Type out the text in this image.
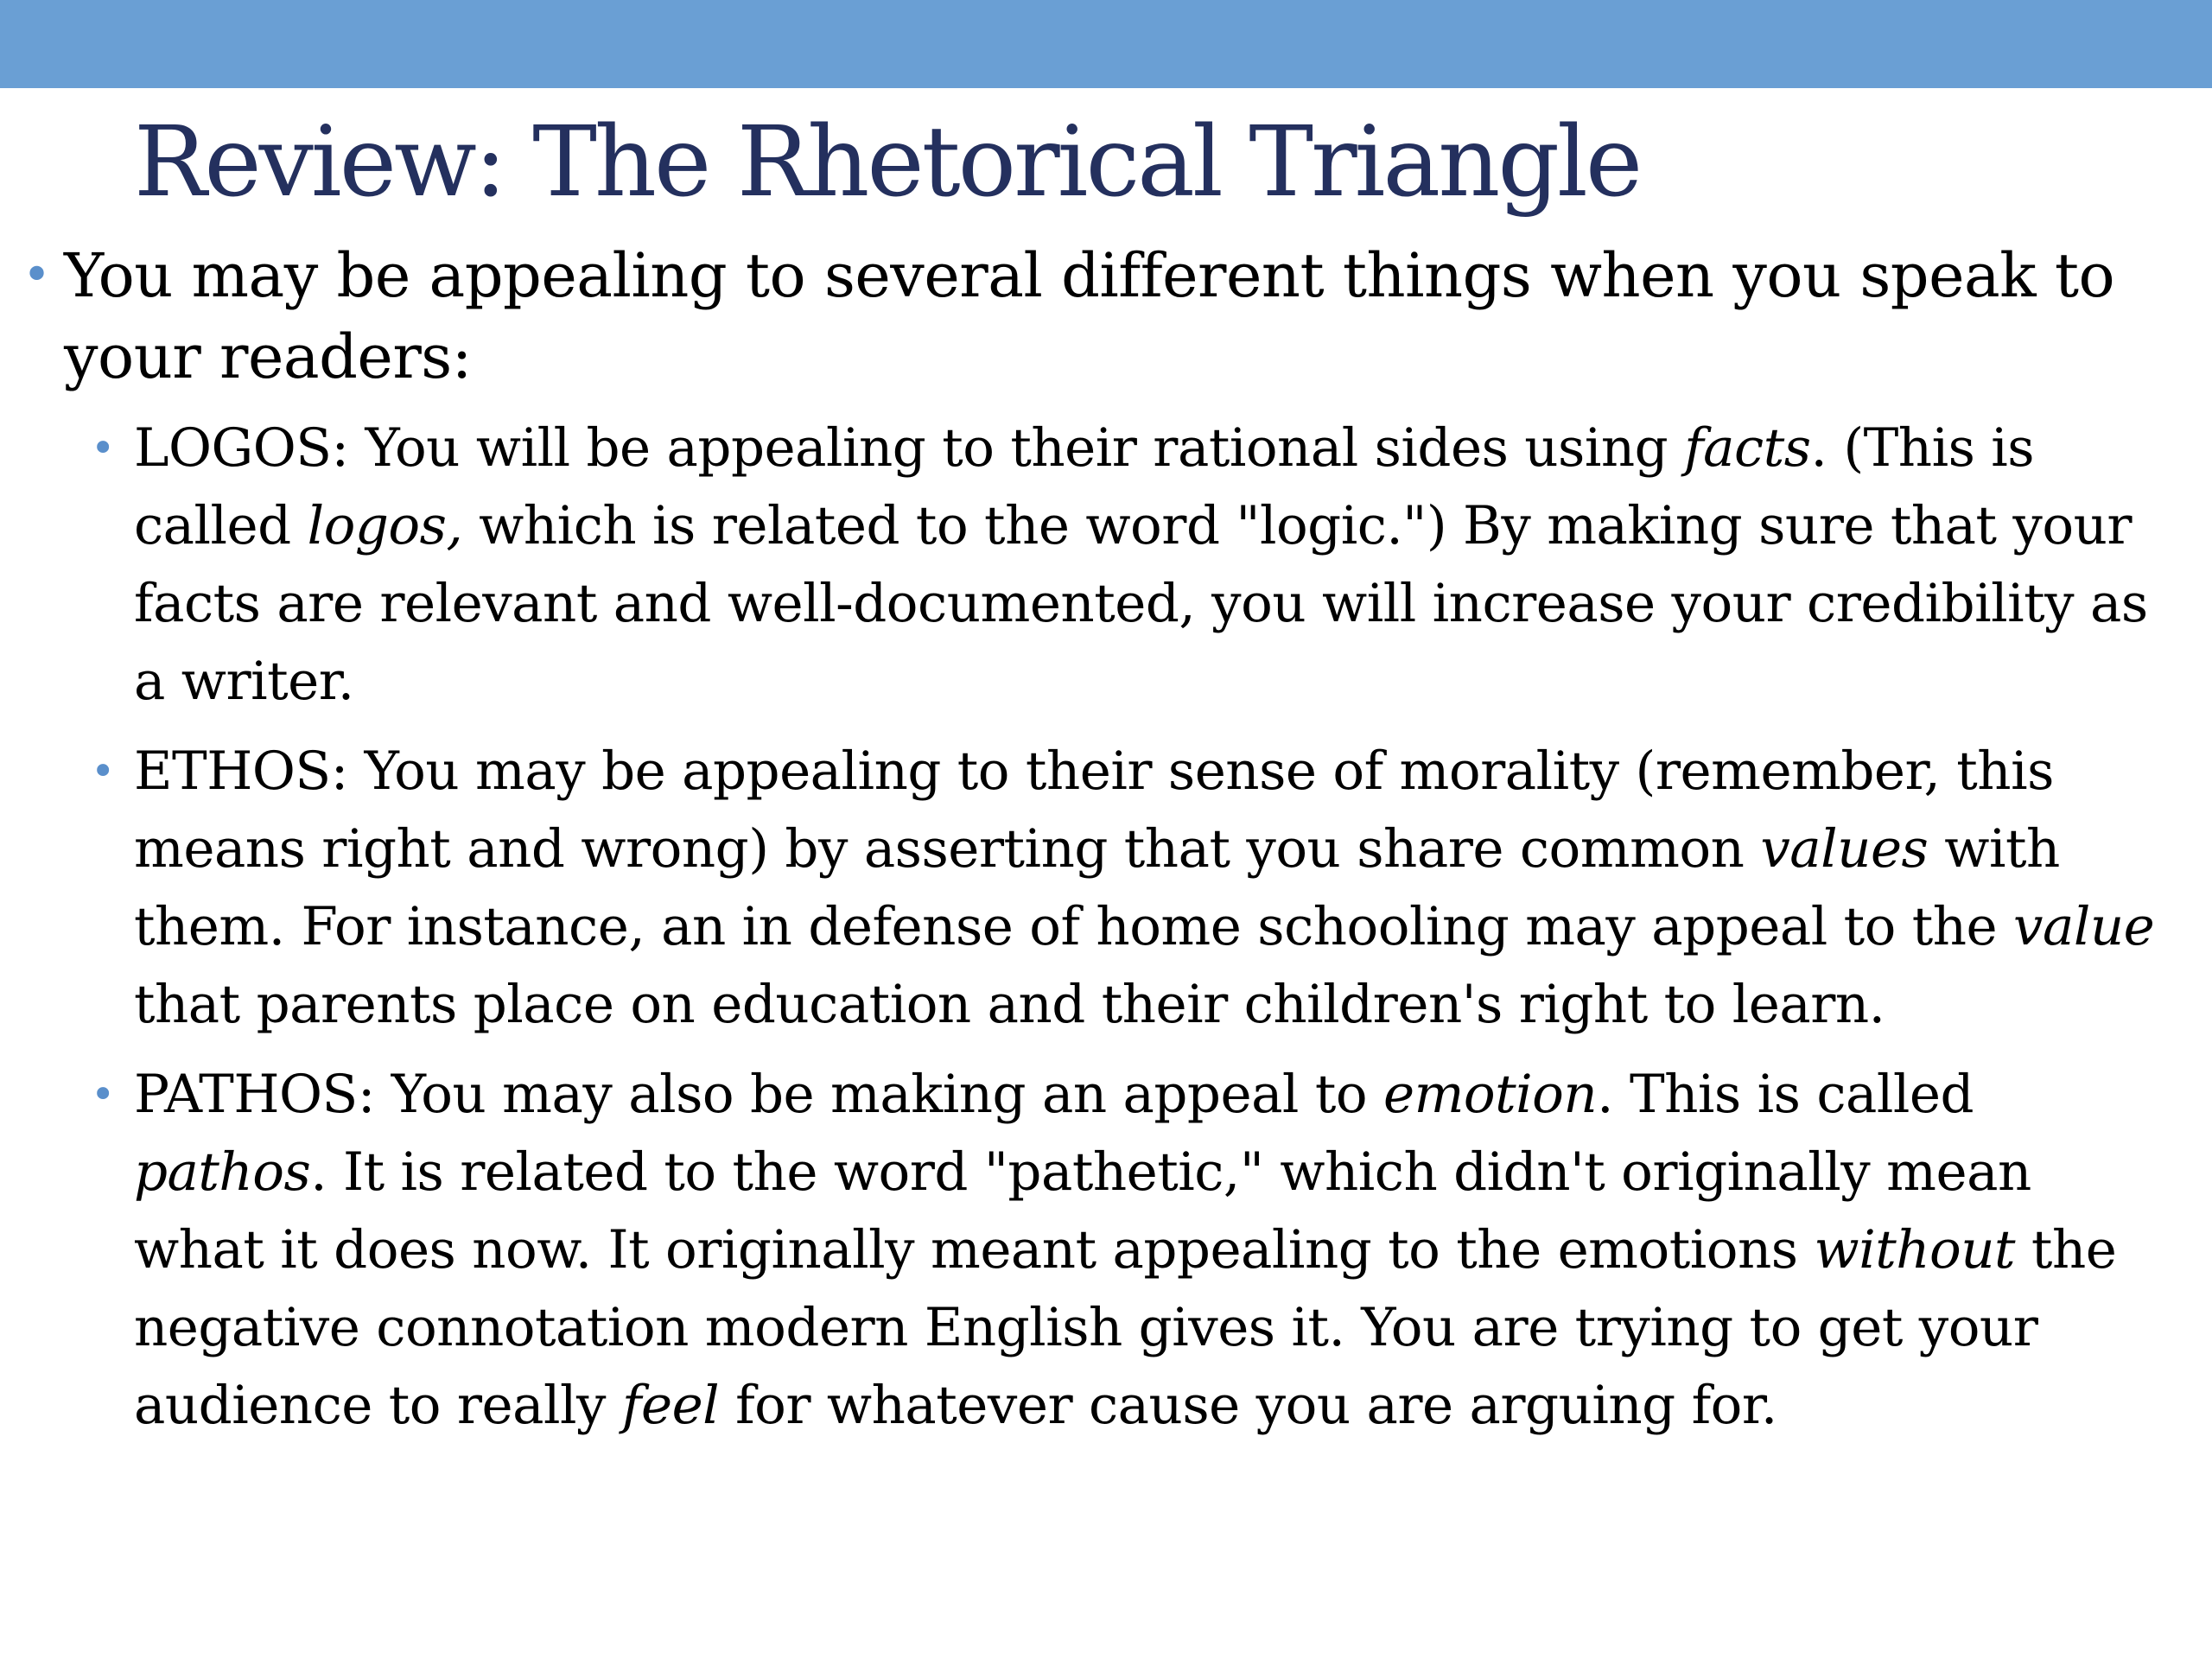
Review: The Rhetorical Triangle
• You may be appealing to several different things when you speak to your readers:
• LOGOS: You will be appealing to their rational sides using facts. (This is called logos, which is related to the word "logic.") By making sure that your facts are relevant and well-documented, you will increase your credibility as a writer.
• ETHOS: You may be appealing to their sense of morality (remember, this means right and wrong) by asserting that you share common values with them. For instance, an in defense of home schooling may appeal to the value that parents place on education and their children's right to learn.
• PATHOS: You may also be making an appeal to emotion. This is called pathos. It is related to the word "pathetic," which didn't originally mean what it does now. It originally meant appealing to the emotions without the negative connotation modern English gives it. You are trying to get your audience to really feel for whatever cause you are arguing for.
